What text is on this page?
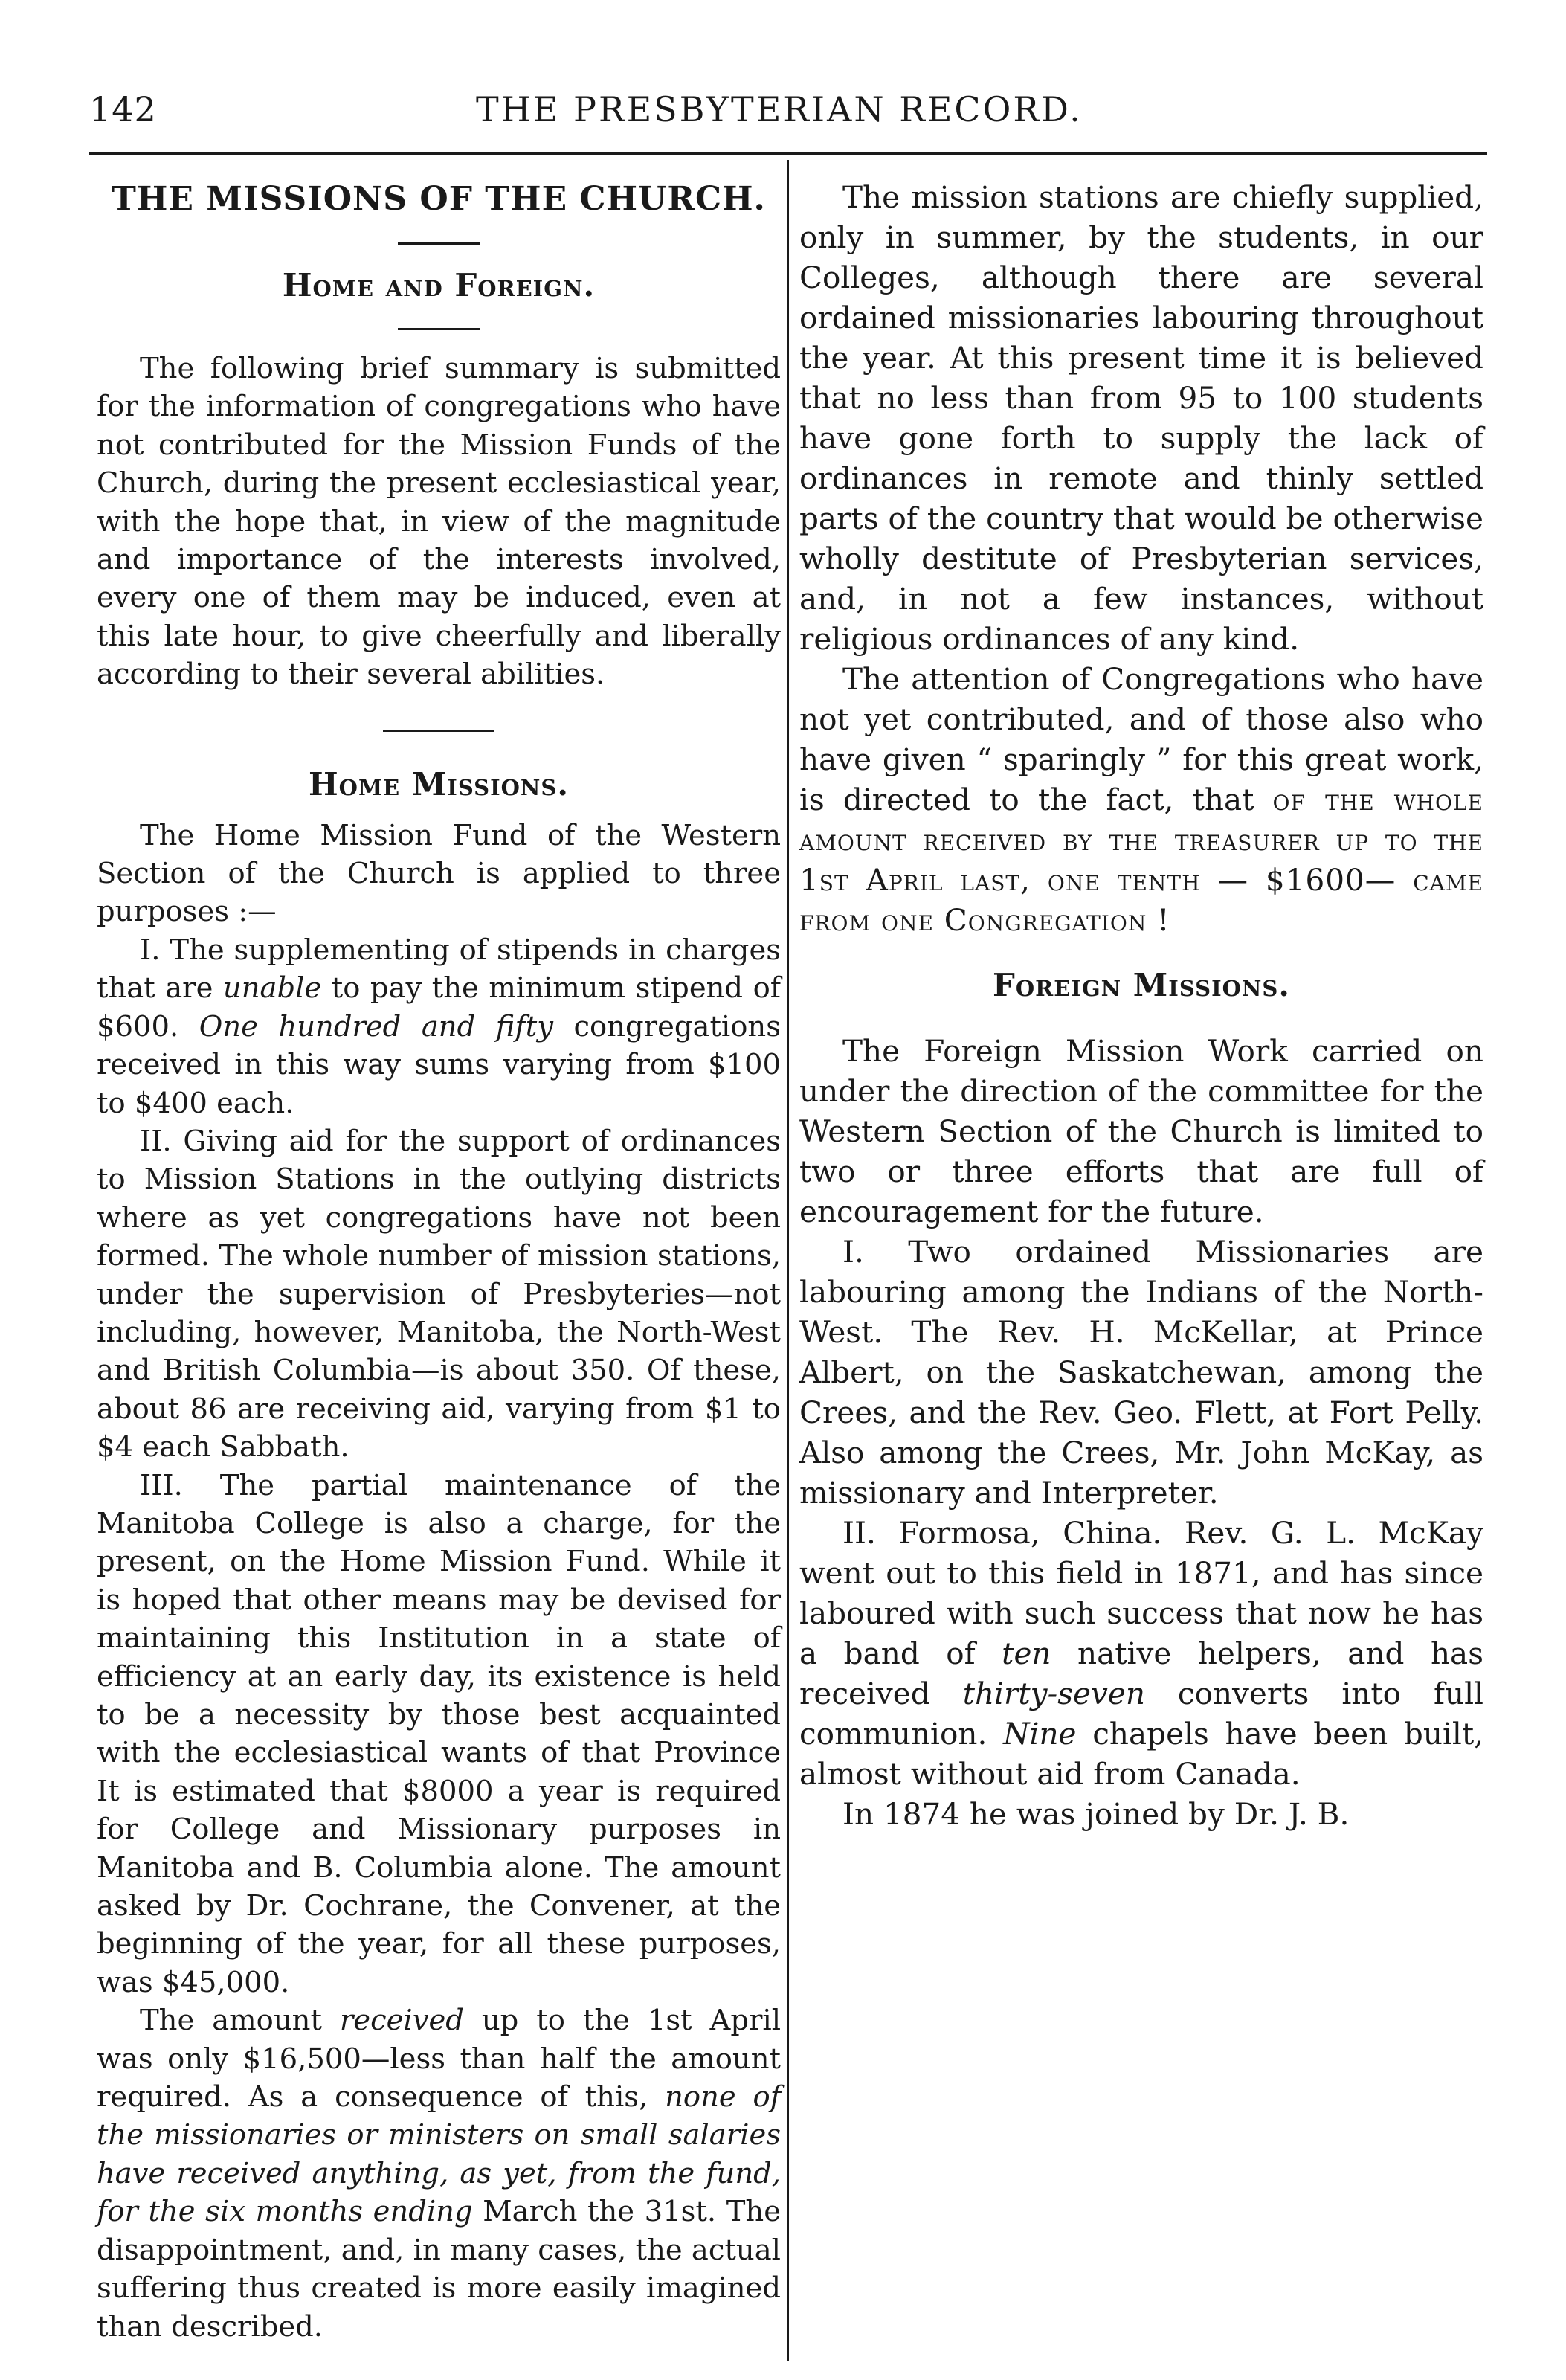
142	THE PRESBYTERIAN RECORD.
THE MISSIONS OF THE CHURCH.
Home and Foreign.

The following brief summary is submitted for the information of congregations who have not contributed for the Mission Funds of the Church, during the present ecclesiastical year, with the hope that, in view of the magnitude and importance of the interests involved, every one of them may be induced, even at this late hour, to give cheerfully and liberally according to their several abilities.

Home Missions.

The Home Mission Fund of the Western Section of the Church is applied to three purposes :—

I. The supplementing of stipends in charges that are unable to pay the minimum stipend of $600. One hundred and fifty congregations received in this way sums varying from $100 to $400 each.

II. Giving aid for the support of ordinances to Mission Stations in the outlying districts where as yet congregations have not been formed. The whole number of mission stations, under the supervision of Presbyteries—not including, however, Manitoba, the North-West and British Columbia—is about 350. Of these, about 86 are receiving aid, varying from $1 to $4 each Sabbath.

III. The partial maintenance of the Manitoba College is also a charge, for the present, on the Home Mission Fund. While it is hoped that other means may be devised for maintaining this Institution in a state of efficiency at an early day, its existence is held to be a necessity by those best acquainted with the ecclesiastical wants of that Province It is estimated that $8000 a year is required for College and Missionary purposes in Manitoba and B. Columbia alone. The amount asked by Dr. Cochrane, the Convener, at the beginning of the year, for all these purposes, was $45,000.

The amount received up to the 1st April was only $16,500—less than half the amount required. As a consequence of this, none of the missionaries or ministers on small salaries have received anything, as yet, from the fund, for the six months ending March the 31st. The disappointment, and, in many cases, the actual suffering thus created is more easily imagined than described.

The mission stations are chiefly supplied, only in summer, by the students, in our Colleges, although there are several ordained missionaries labouring throughout the year. At this present time it is believed that no less than from 95 to 100 students have gone forth to supply the lack of ordinances in remote and thinly settled parts of the country that would be otherwise wholly destitute of Presbyterian services, and, in not a few instances, without religious ordinances of any kind.

The attention of Congregations who have not yet contributed, and of those also who have given “ sparingly ” for this great work, is directed to the fact, that of the whole amount received by the treasurer up to the 1st April last, one tenth — $1600— came from one Congregation !

Foreign Missions.

The Foreign Mission Work carried on under the direction of the committee for the Western Section of the Church is limited to two or three efforts that are full of encouragement for the future.

I. Two ordained Missionaries are labouring among the Indians of the North-West. The Rev. H. McKellar, at Prince Albert, on the Saskatchewan, among the Crees, and the Rev. Geo. Flett, at Fort Pelly. Also among the Crees, Mr. John McKay, as missionary and Interpreter.

II. Formosa, China. Rev. G. L. McKay went out to this field in 1871, and has since laboured with such success that now he has a band of ten native helpers, and has received thirty-seven converts into full communion. Nine chapels have been built, almost without aid from Canada.

In 1874 he was joined by Dr. J. B.
